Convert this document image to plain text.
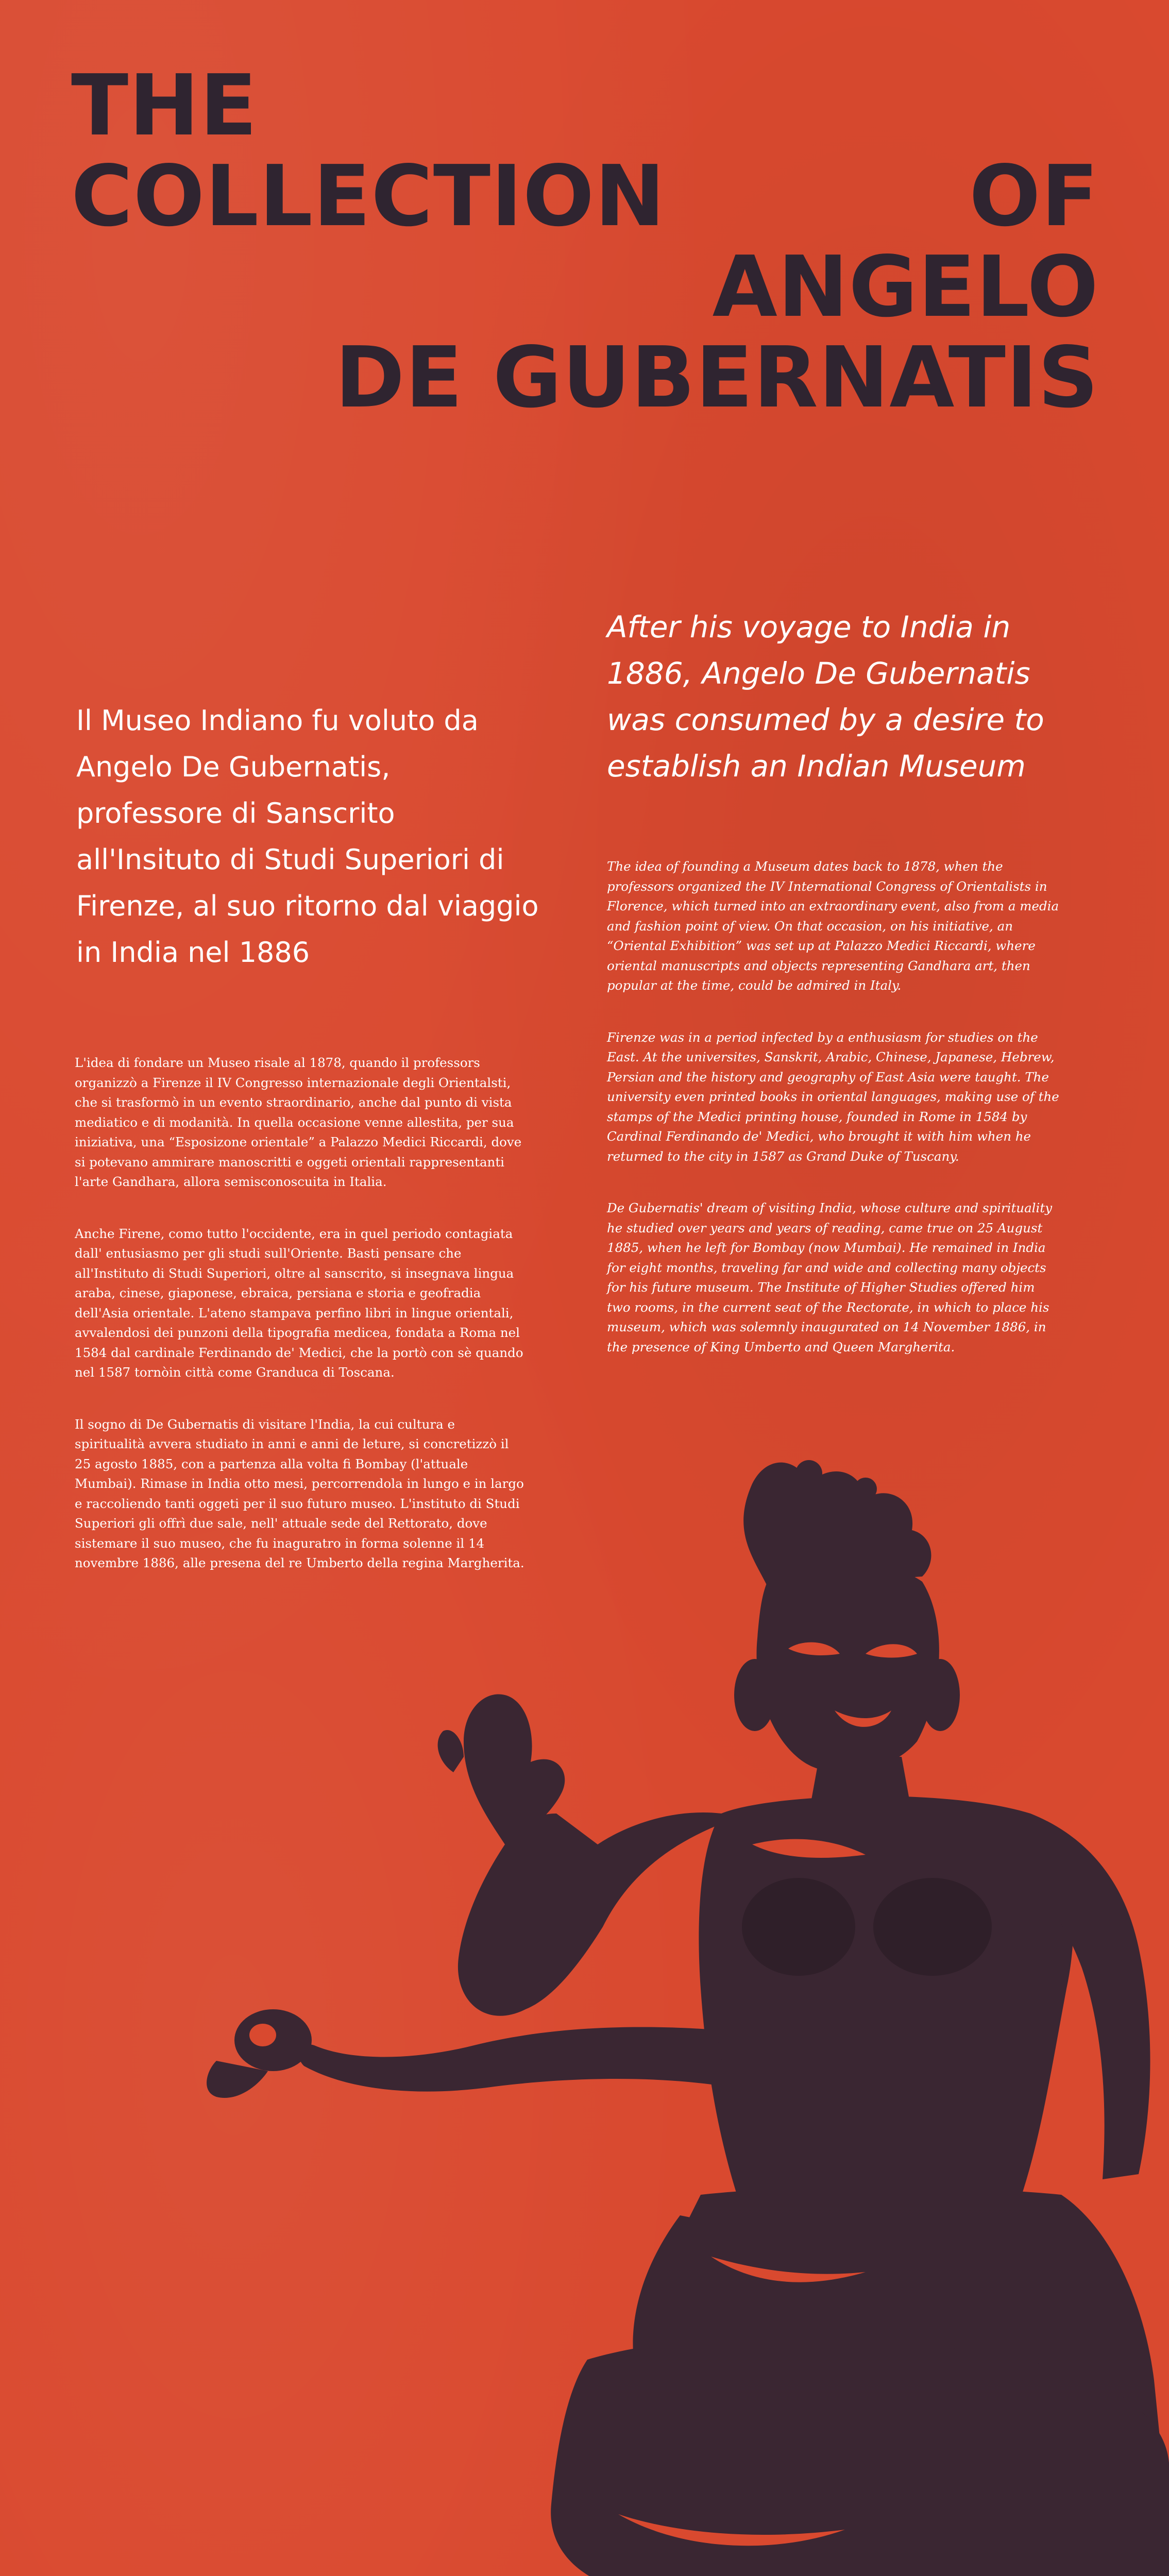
THE
COLLECTION	OF
ANGELO
DE GUBERNATIS
After his voyage to India in 1886, Angelo De Gubernatis was consumed by a desire to establish an Indian Museum
Il Museo Indiano fu voluto da Angelo De Gubernatis, professore di Sanscrito all'Insituto di Studi Superiori di Firenze, al suo ritorno dal viaggio in India nel 1886

The idea of founding a Museum dates back to 1878, when the professors organized the IV International Congress of Orientalists in Florence, which turned into an extraordinary event, also from a media and fashion point of view. On that occasion, on his initiative, an “Oriental Exhibition” was set up at Palazzo Medici Riccardi, where oriental manuscripts and objects representing Gandhara art, then popular at the time, could be admired in Italy.

Firenze was in a period infected by a enthusiasm for studies on the East. At the universites, Sanskrit, Arabic, Chinese, Japanese, Hebrew, Persian and the history and geography of East Asia were taught. The university even printed books in oriental languages, making use of the stamps of the Medici printing house, founded in Rome in 1584 by Cardinal Ferdinando de' Medici, who brought it with him when he returned to the city in 1587 as Grand Duke of Tuscany.

De Gubernatis' dream of visiting India, whose culture and spirituality he studied over years and years of reading, came true on 25 August 1885, when he left for Bombay (now Mumbai). He remained in India for eight months, traveling far and wide and collecting many objects for his future museum. The Institute of Higher Studies offered him two rooms, in the current seat of the Rectorate, in which to place his museum, which was solemnly inaugurated on 14 November 1886, in the presence of King Umberto and Queen Margherita.

L'idea di fondare un Museo risale al 1878, quando il professors organizzò a Firenze il IV Congresso internazionale degli Orientalsti, che si trasformò in un evento straordinario, anche dal punto di vista mediatico e di modanità. In quella occasione venne allestita, per sua iniziativa, una “Esposizone orientale” a Palazzo Medici Riccardi, dove si potevano ammirare manoscritti e oggeti orientali rappresentanti l'arte Gandhara, allora semisconoscuita in Italia.

Anche Firene, como tutto l'occidente, era in quel periodo contagiata dall' entusiasmo per gli studi sull'Oriente. Basti pensare che all'Instituto di Studi Superiori, oltre al sanscrito, si insegnava lingua araba, cinese, giaponese, ebraica, persiana e storia e geofradia dell'Asia orientale. L'ateno stampava perfino libri in lingue orientali, avvalendosi dei punzoni della tipografia medicea, fondata a Roma nel 1584 dal cardinale Ferdinando de' Medici, che la portò con sè quando nel 1587 tornòin città come Granduca di Toscana.

Il sogno di De Gubernatis di visitare l'India, la cui cultura e spiritualità avvera studiato in anni e anni de leture, si concretizzò il 25 agosto 1885, con a partenza alla volta fi Bombay (l'attuale Mumbai). Rimase in India otto mesi, percorrendola in lungo e in largo e raccoliendo tanti oggeti per il suo futuro museo. L'instituto di Studi Superiori gli offrì due sale, nell' attuale sede del Rettorato, dove sistemare il suo museo, che fu inaguratro in forma solenne il 14 novembre 1886, alle presena del re Umberto della regina Margherita.
